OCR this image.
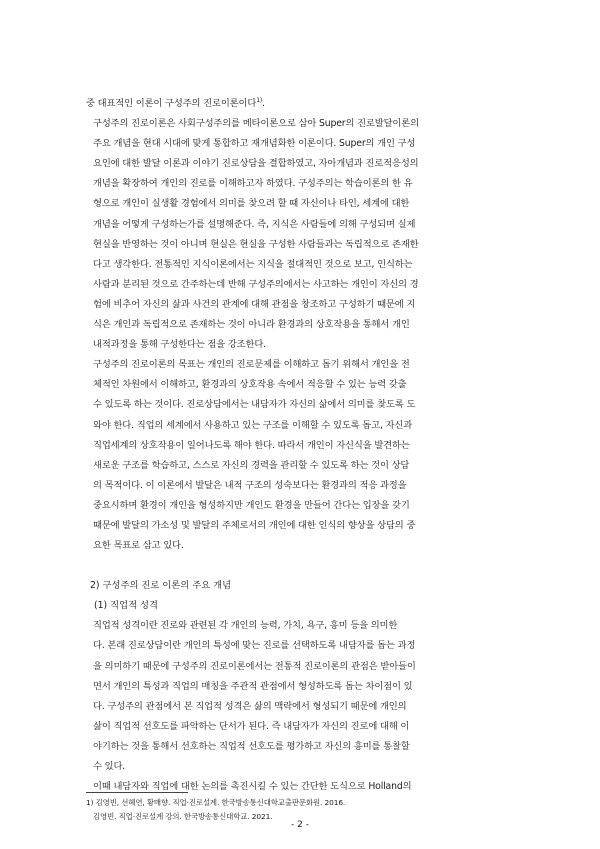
중 대표적인 이론이 구성주의 진로이론이다$^{1)}$.

구성주의 진로이론은 사회구성주의를 메타이론으로 삼아 Super의 진로발달이론의
주요 개념을 현대 시대에 맞게 통합하고 재개념화한 이론이다. Super의 개인 구성
요인에 대한 발달 이론과 이야기 진로상담을 결합하였고, 자아개념과 진로적응성의
개념을 확장하여 개인의 진로를 이해하고자 하였다. 구성주의는 학습이론의 한 유
형으로 개인이 실생활 경험에서 의미를 찾으려 할 때 자신이나 타인, 세계에 대한
개념을 어떻게 구성하는가를 설명해준다. 즉, 지식은 사람들에 의해 구성되며 실제
현실을 반영하는 것이 아니며 현실은 현실을 구성한 사람들과는 독립적으로 존재한
다고 생각한다. 전통적인 지식이론에서는 지식을 절대적인 것으로 보고, 인식하는
사람과 분리된 것으로 간주하는데 반해 구성주의에서는 사고하는 개인이 자신의 경
험에 비추어 자신의 삶과 사건의 관계에 대해 관점을 창조하고 구성하기 때문에 지
식은 개인과 독립적으로 존재하는 것이 아니라 환경과의 상호작용을 통해서 개인
내적과정을 통해 구성한다는 점을 강조한다.

구성주의 진로이론의 목표는 개인의 진로문제를 이해하고 돕기 위해서 개인을 전
체적인 차원에서 이해하고, 환경과의 상호작용 속에서 적응할 수 있는 능력 갖출
수 있도록 하는 것이다. 진로상담에서는 내담자가 자신의 삶에서 의미를 찾도록 도
와야 한다. 직업의 세계에서 사용하고 있는 구조를 이해할 수 있도록 돕고, 자신과
직업세계의 상호작용이 일어나도록 해야 한다. 따라서 개인이 자신식을 발견하는
새로운 구조를 학습하고, 스스로 자신의 경력을 관리할 수 있도록 하는 것이 상담
의 목적이다. 이 이론에서 발달은 내적 구조의 성숙보다는 환경과의 적응 과정을
중요시하며 환경이 개인을 형성하지만 개인도 환경을 만들어 간다는 입장을 갖기
때문에 발달의 가소성 및 발달의 주체로서의 개인에 대한 인식의 향상을 상담의 중
요한 목표로 삼고 있다.

2) 구성주의 진로 이론의 주요 개념

(1) 직업적 성격

직업적 성격이란 진로와 관련된 각 개인의 능력, 가치, 욕구, 흥미 등을 의미한
다. 본래 진로상담이란 개인의 특성에 맞는 진로를 선택하도록 내담자를 돕는 과정
을 의미하기 때문에 구성주의 진로이론에서는 전통적 진로이론의 관점은 받아들이
면서 개인의 특성과 직업의 매칭을 주관적 관점에서 형성하도록 돕는 차이점이 있
다. 구성주의 관점에서 본 직업적 성격은 삶의 맥락에서 형성되기 때문에 개인의
삶이 직업적 선호도를 파악하는 단서가 된다. 즉 내담자가 자신의 진로에 대해 이
야기하는 것을 통해서 선호하는 직업적 선호도를 평가하고 자신의 흥미를 통찰할
수 있다.

이때 내담자와 직업에 대한 논의를 촉진시킬 수 있는 간단한 도식으로 Holland의

1) 김영빈, 선혜연, 황매향. 직업·진로설계. 한국방송통신대학교출판문화원. 2016.
김영빈. 직업·진로설계 강의. 한국방송통신대학교. 2021.
- 2 -
